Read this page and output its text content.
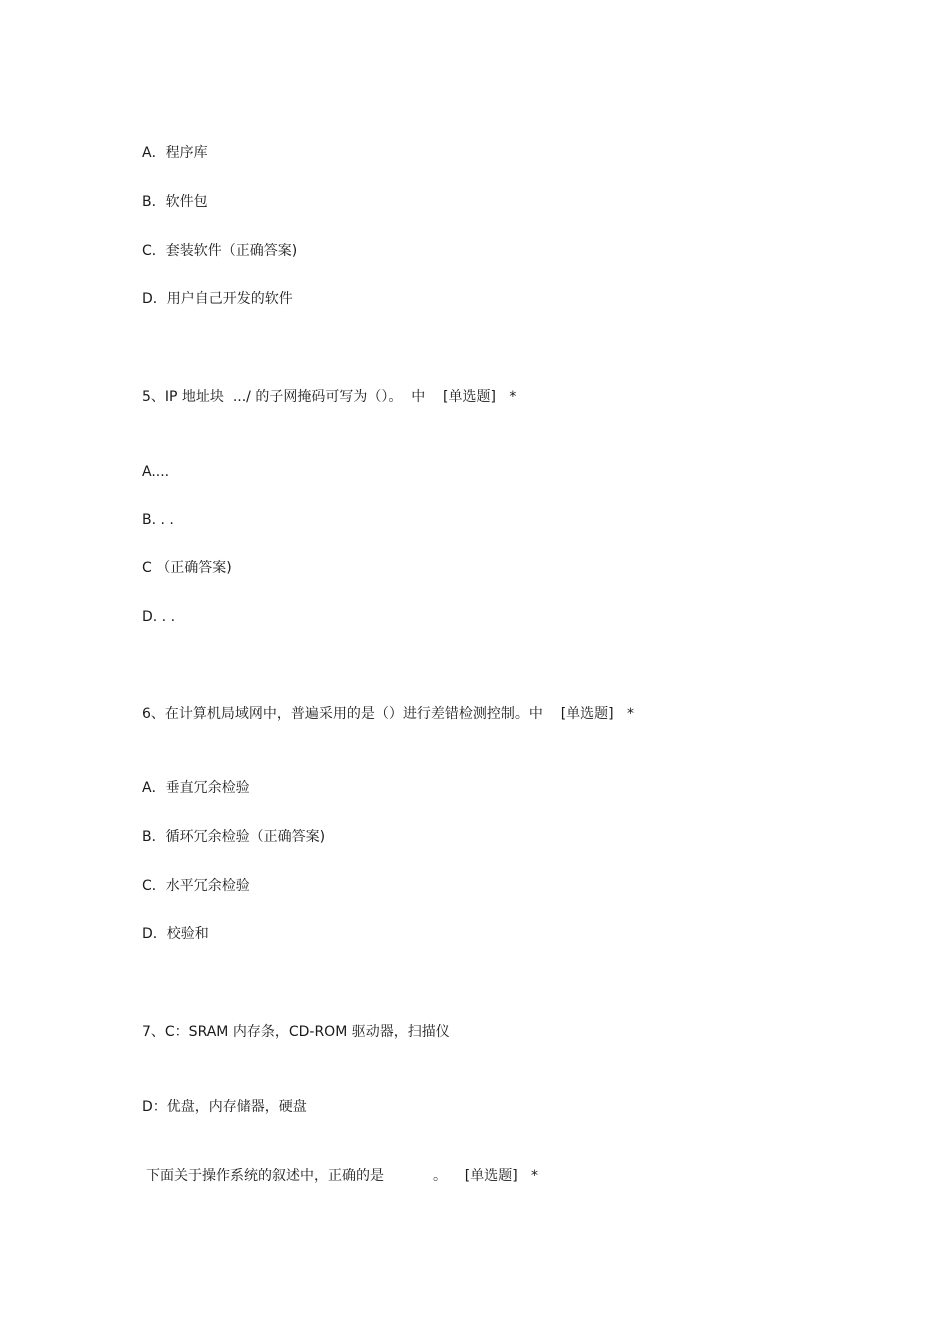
A．程序库
B．软件包
C．套装软件（正确答案)
D．用户自己开发的软件
5、IP 地址块  .../ 的子网掩码可写为（）。  中    [单选题]   *
A....
B. . .
C （正确答案)
D. . .
6、在计算机局域网中，普遍采用的是（）进行差错检测控制。中    [单选题]   *
A．垂直冗余检验
B．循环冗余检验（正确答案)
C．水平冗余检验
D．校验和
7、C：SRAM 内存条，CD-ROM 驱动器，扫描仪
D：优盘，内存储器，硬盘
下面关于操作系统的叙述中，正确的是           。    [单选题]   *
